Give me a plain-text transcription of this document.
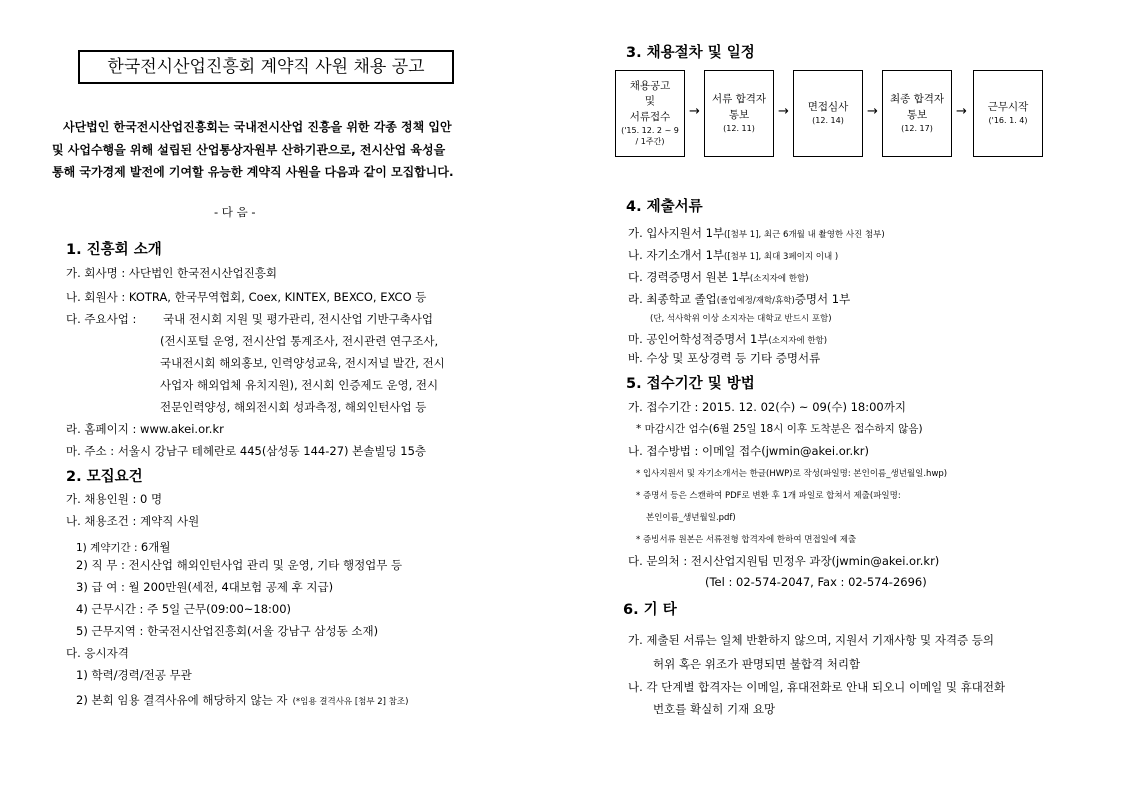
한국전시산업진흥회 계약직 사원 채용 공고
사단법인 한국전시산업진흥회는 국내전시산업 진흥을 위한 각종 정책 입안
및 사업수행을 위해 설립된 산업통상자원부 산하기관으로, 전시산업 육성을
통해 국가경제 발전에 기여할 유능한 계약직 사원을 다음과 같이 모집합니다.
- 다 음 -
1. 진흥회 소개
가. 회사명 : 사단법인 한국전시산업진흥회
나. 회원사 : KOTRA, 한국무역협회, Coex, KINTEX, BEXCO, EXCO 등
다. 주요사업 : 국내 전시회 지원 및 평가관리, 전시산업 기반구축사업
(전시포털 운영, 전시산업 통계조사, 전시관련 연구조사,
국내전시회 해외홍보, 인력양성교육, 전시저널 발간, 전시
사업자 해외업체 유치지원), 전시회 인증제도 운영, 전시
전문인력양성, 해외전시회 성과측정, 해외인턴사업 등
라. 홈페이지 : www.akei.or.kr
마. 주소 : 서울시 강남구 테헤란로 445(삼성동 144-27) 본솔빌딩 15층
2. 모집요건
가. 채용인원 : 0 명
나. 채용조건 : 계약직 사원
1) 계약기간 : 6개월
2) 직 무 : 전시산업 해외인턴사업 관리 및 운영, 기타 행정업무 등
3) 급 여 : 월 200만원(세전, 4대보험 공제 후 지급)
4) 근무시간 : 주 5일 근무(09:00~18:00)
5) 근무지역 : 한국전시산업진흥회(서울 강남구 삼성동 소재)
다. 응시자격
1) 학력/경력/전공 무관
2) 본회 임용 결격사유에 해당하지 않는 자 (*임용 결격사유 [첨부 2] 참조)
3. 채용절차 및 일정
채용공고
및
서류접수
('15. 12. 2 ~ 9
/ 1주간)
→
서류 합격자
통보
(12. 11)
→	면접심사
(12. 14)
→
최종 합격자
통보
(12. 17)
→	근무시작
('16. 1. 4)
4. 제출서류
가. 입사지원서 1부([첨부 1], 최근 6개월 내 촬영한 사진 첨부)
나. 자기소개서 1부([첨부 1], 최대 3페이지 이내 )
다. 경력증명서 원본 1부(소지자에 한함)
라. 최종학교 졸업(졸업예정/재학/휴학)증명서 1부
(단, 석사학위 이상 소지자는 대학교 반드시 포함)
마. 공인어학성적증명서 1부(소지자에 한함)
바. 수상 및 포상경력 등 기타 증명서류
5. 접수기간 및 방법
가. 접수기간 : 2015. 12. 02(수) ~ 09(수) 18:00까지
* 마감시간 엄수(6월 25일 18시 이후 도착분은 접수하지 않음)
나. 접수방법 : 이메일 접수(jwmin@akei.or.kr)
* 입사지원서 및 자기소개서는 한글(HWP)로 작성(파일명: 본인이름_생년월일.hwp)
* 증명서 등은 스캔하여 PDF로 변환 후 1개 파일로 합쳐서 제출(파일명:
본인이름_생년월일.pdf)
* 증빙서류 원본은 서류전형 합격자에 한하여 면접일에 제출
다. 문의처 : 전시산업지원팀 민정우 과장(jwmin@akei.or.kr)
(Tel : 02-574-2047, Fax : 02-574-2696)
6. 기 타
가. 제출된 서류는 일체 반환하지 않으며, 지원서 기재사항 및 자격증 등의
허위 혹은 위조가 판명되면 불합격 처리함
나. 각 단계별 합격자는 이메일, 휴대전화로 안내 되오니 이메일 및 휴대전화
번호를 확실히 기재 요망
